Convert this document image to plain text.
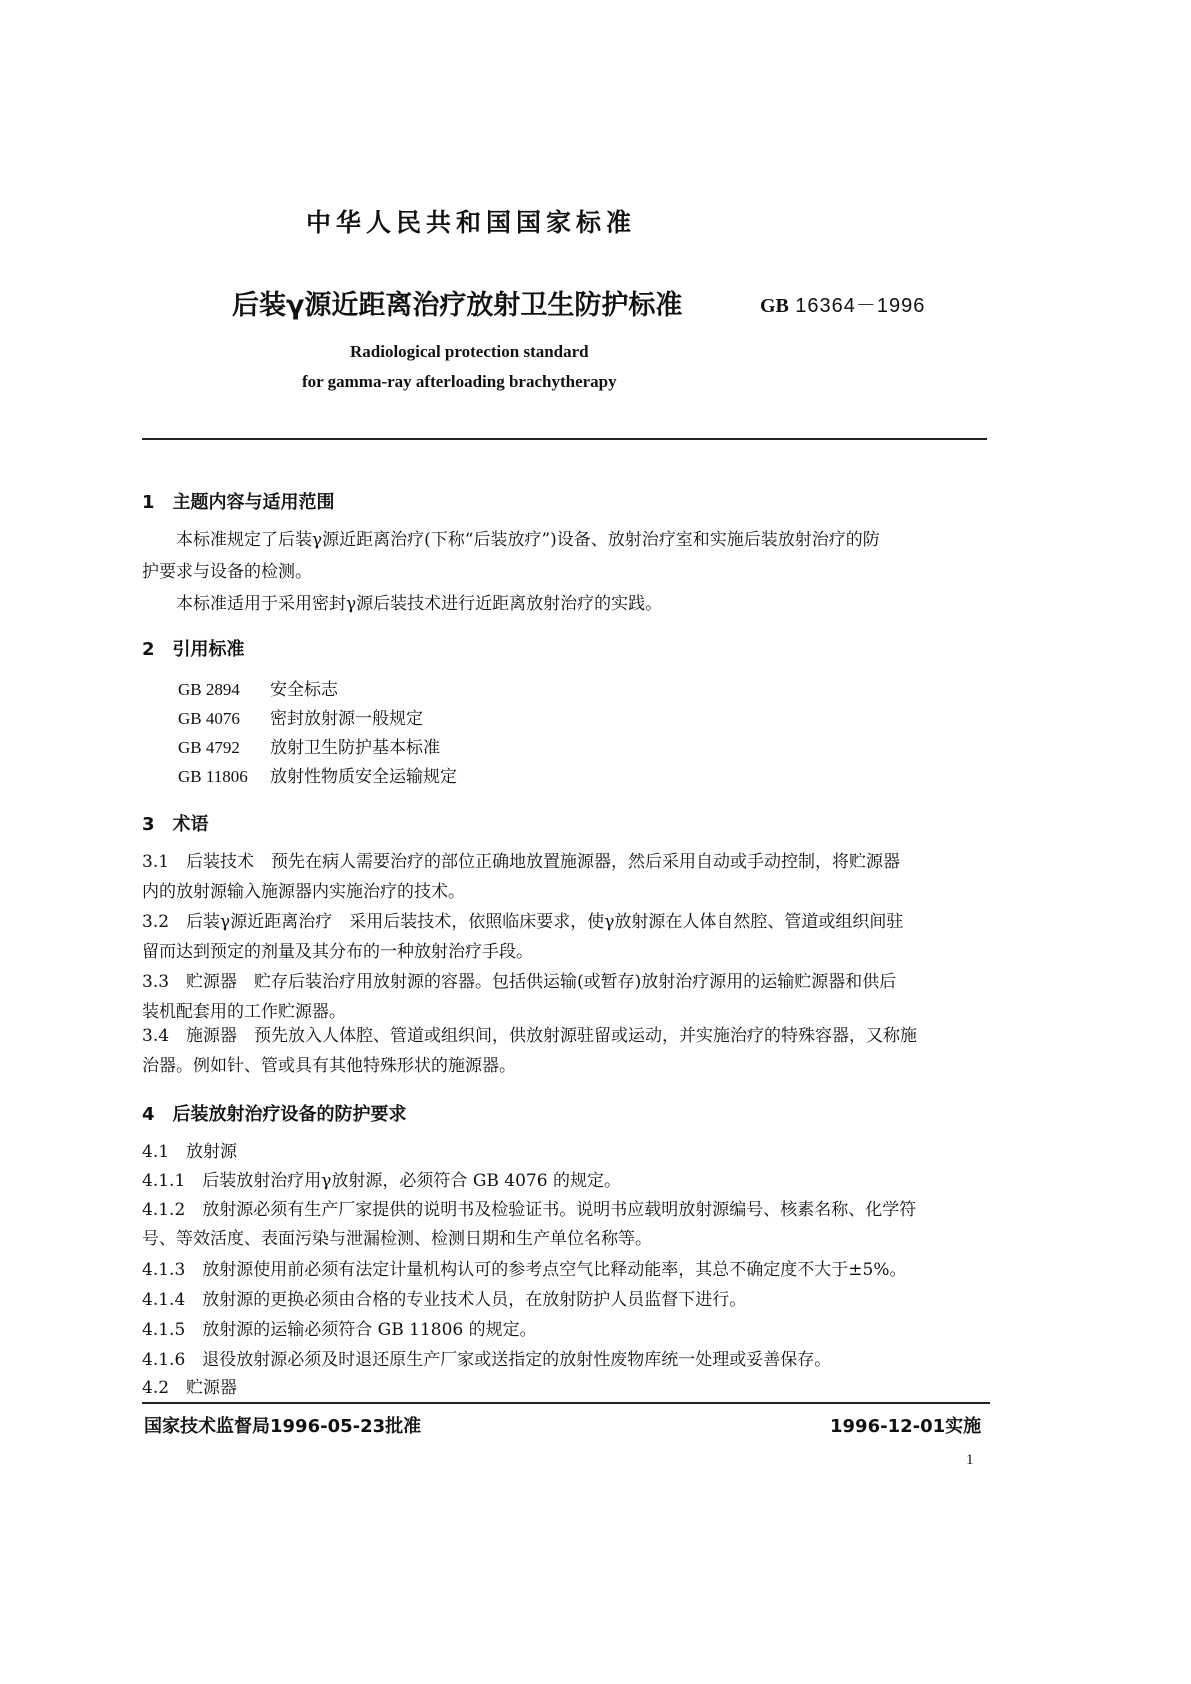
中华人民共和国国家标准
后装γ源近距离治疗放射卫生防护标准	GB 16364－1996
Radiological protection standard
for gamma-ray afterloading brachytherapy
1　主题内容与适用范围
本标准规定了后装γ源近距离治疗(下称“后装放疗”)设备、放射治疗室和实施后装放射治疗的防
护要求与设备的检测。
本标准适用于采用密封γ源后装技术进行近距离放射治疗的实践。
2　引用标准
GB 2894 安全标志
GB 4076 密封放射源一般规定
GB 4792 放射卫生防护基本标准
GB 11806 放射性物质安全运输规定
3　术语
3.1　后装技术　预先在病人需要治疗的部位正确地放置施源器，然后采用自动或手动控制，将贮源器
内的放射源输入施源器内实施治疗的技术。
3.2　后装γ源近距离治疗　采用后装技术，依照临床要求，使γ放射源在人体自然腔、管道或组织间驻
留而达到预定的剂量及其分布的一种放射治疗手段。
3.3　贮源器　贮存后装治疗用放射源的容器。包括供运输(或暂存)放射治疗源用的运输贮源器和供后
装机配套用的工作贮源器。
3.4　施源器　预先放入人体腔、管道或组织间，供放射源驻留或运动，并实施治疗的特殊容器，又称施
治器。例如针、管或具有其他特殊形状的施源器。
4　后装放射治疗设备的防护要求
4.1　放射源
4.1.1　后装放射治疗用γ放射源，必须符合 GB 4076 的规定。
4.1.2　放射源必须有生产厂家提供的说明书及检验证书。说明书应载明放射源编号、核素名称、化学符
号、等效活度、表面污染与泄漏检测、检测日期和生产单位名称等。
4.1.3　放射源使用前必须有法定计量机构认可的参考点空气比释动能率，其总不确定度不大于±5%。
4.1.4　放射源的更换必须由合格的专业技术人员，在放射防护人员监督下进行。
4.1.5　放射源的运输必须符合 GB 11806 的规定。
4.1.6　退役放射源必须及时退还原生产厂家或送指定的放射性废物库统一处理或妥善保存。
4.2　贮源器
国家技术监督局1996-05-23批准	1996-12-01实施
1
